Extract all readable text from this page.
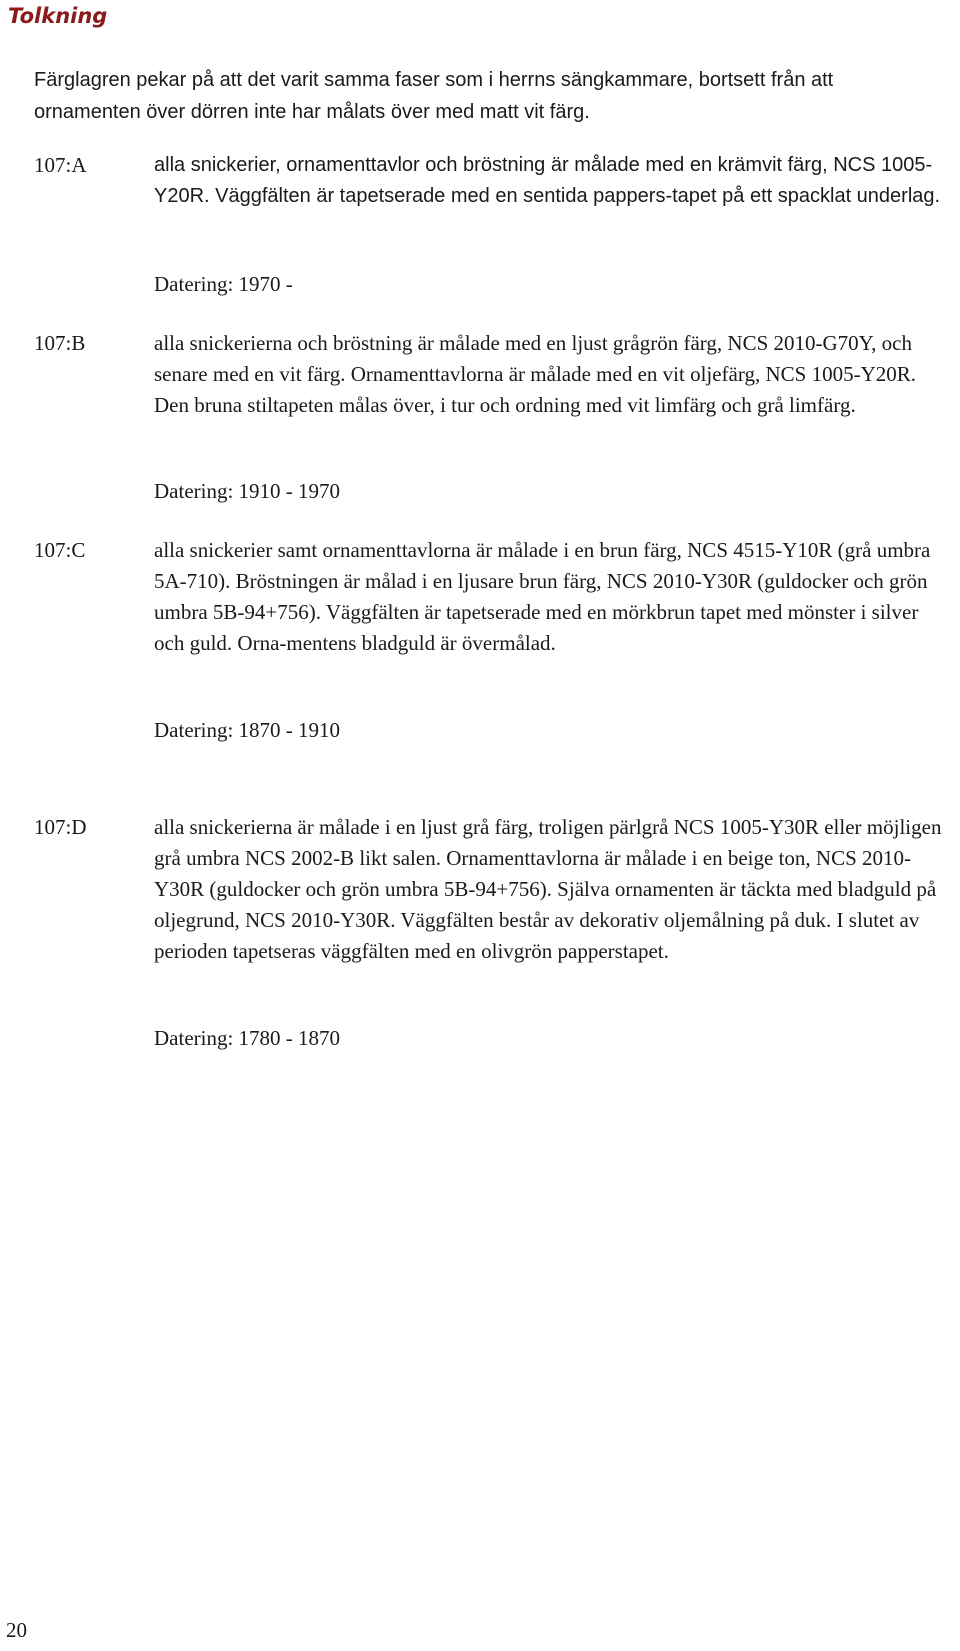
Tolkning

Färglagren pekar på att det varit samma faser som i herrns sängkammare, bortsett från att ornamenten över dörren inte har målats över med matt vit färg.

107:A	alla snickerier, ornamenttavlor och bröstning är målade med en krämvit färg, NCS 1005-Y20R. Väggfälten är tapetserade med en sentida pappers-tapet på ett spacklat underlag.

Datering: 1970 -

107:B	alla snickerierna och bröstning är målade med en ljust grågrön färg, NCS 2010-G70Y, och senare med en vit färg. Ornamenttavlorna är målade med en vit oljefärg, NCS 1005-Y20R. Den bruna stiltapeten målas över, i tur och ordning med vit limfärg och grå limfärg.

Datering: 1910 - 1970

107:C	alla snickerier samt ornamenttavlorna är målade i en brun färg, NCS 4515-Y10R (grå umbra 5A-710). Bröstningen är målad i en ljusare brun färg, NCS 2010-Y30R (guldocker och grön umbra 5B-94+756). Väggfälten är tapetserade med en mörkbrun tapet med mönster i silver och guld. Orna-mentens bladguld är övermålad.

Datering: 1870 - 1910

107:D	alla snickerierna är målade i en ljust grå färg, troligen pärlgrå NCS 1005-Y30R eller möjligen grå umbra NCS 2002-B likt salen. Ornamenttavlorna är målade i en beige ton, NCS 2010-Y30R (guldocker och grön umbra 5B-94+756). Själva ornamenten är täckta med bladguld på oljegrund, NCS 2010-Y30R. Väggfälten består av dekorativ oljemålning på duk. I slutet av perioden tapetseras väggfälten med en olivgrön papperstapet.

Datering: 1780 - 1870

20
